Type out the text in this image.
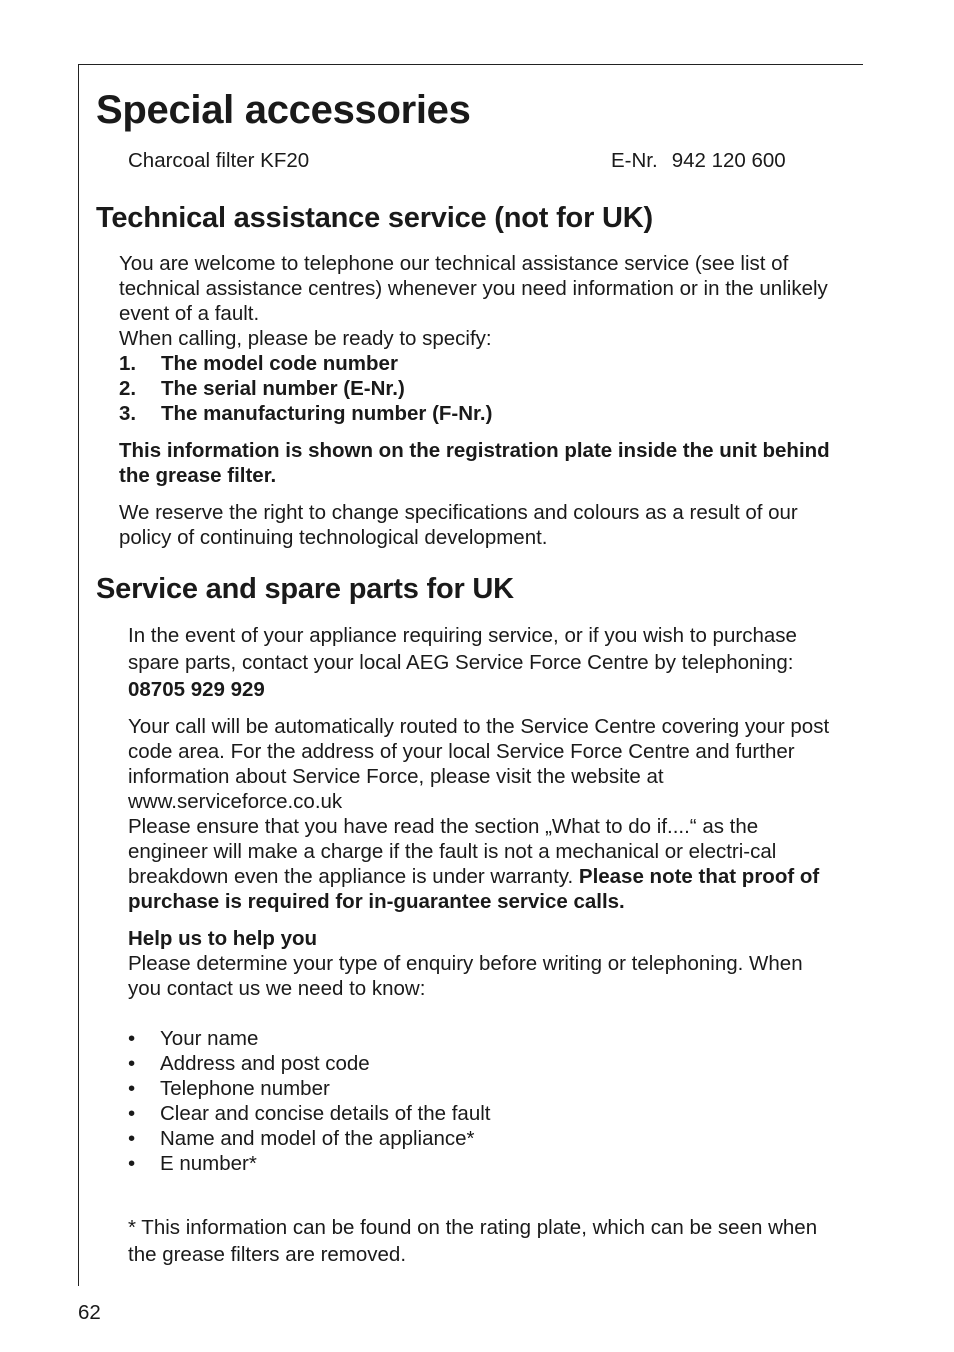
Special accessories
Charcoal filter KF20	E-Nr. 942 120 600
Technical assistance service (not for UK)
You are welcome to telephone our technical assistance service (see list of technical assistance centres) whenever you need information or in the unlikely event of a fault.
When calling, please be ready to specify:
1.	The model code number
2.	The serial number (E-Nr.)
3.	The manufacturing number (F-Nr.)
This information is shown on the registration plate inside the unit behind the grease filter.
We reserve the right to change specifications and colours as a result of our policy of continuing technological development.
Service and spare parts for UK
In the event of your appliance requiring service, or if you wish to purchase spare parts, contact your local AEG Service Force Centre by telephoning: 08705 929 929
Your call will be automatically routed to the Service Centre covering your post code area. For the address of your local Service Force Centre and further information about Service Force, please visit the website at www.serviceforce.co.uk
Please ensure that you have read the section „What to do if....“ as the engineer will make a charge if the fault is not a mechanical or electri-cal breakdown even the appliance is under warranty. Please note that proof of purchase is required for in-guarantee service calls.
Help us to help you
Please determine your type of enquiry before writing or telephoning. When you contact us we need to know:
•	Your name
•	Address and post code
•	Telephone number
•	Clear and concise details of the fault
•	Name and model of the appliance*
•	E number*
* This information can be found on the rating plate, which can be seen when the grease filters are removed.
62
